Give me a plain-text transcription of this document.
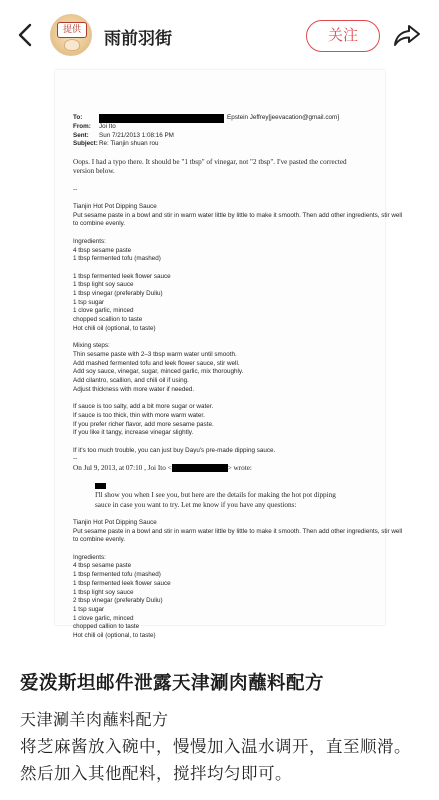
提供	雨前羽街	关注
To:	Epstein Jeffrey[jeevacation@gmail.com]
From:	Joi Ito
Sent:	Sun 7/21/2013 1:08:16 PM
Subject: Re: Tianjin shuan rou
Oops. I had a typo there. It should be "1 tbsp" of vinegar, not "2 tbsp". I've pasted the corrected
version below.
--
Tianjin Hot Pot Dipping Sauce
Put sesame paste in a bowl and stir in warm water little by little to make it smooth. Then add other ingredients, stir well
to combine evenly.
Ingredients:
4 tbsp sesame paste
1 tbsp fermented tofu (mashed)
1 tbsp fermented leek flower sauce
1 tbsp light soy sauce
1 tbsp vinegar (preferably Duliu)
1 tsp sugar
1 clove garlic, minced
chopped scallion to taste
Hot chili oil (optional, to taste)
Mixing steps:
Thin sesame paste with 2–3 tbsp warm water until smooth.
Add mashed fermented tofu and leek flower sauce, stir well.
Add soy sauce, vinegar, sugar, minced garlic, mix thoroughly.
Add cilantro, scallion, and chili oil if using.
Adjust thickness with more water if needed.
If sauce is too salty, add a bit more sugar or water.
If sauce is too thick, thin with more warm water.
If you prefer richer flavor, add more sesame paste.
If you like it tangy, increase vinegar slightly.
If it's too much trouble, you can just buy Dayu's pre-made dipping sauce.
--
On Jul 9, 2013, at 07:10 , Joi Ito <	> wrote:
I'll show you when I see you, but here are the details for making the hot pot dipping
sauce in case you want to try. Let me know if you have any questions:
Tianjin Hot Pot Dipping Sauce
Put sesame paste in a bowl and stir in warm water little by little to make it smooth. Then add other ingredients, stir well
to combine evenly.
Ingredients:
4 tbsp sesame paste
1 tbsp fermented tofu (mashed)
1 tbsp fermented leek flower sauce
1 tbsp light soy sauce
2 tbsp vinegar (preferably Duliu)
1 tsp sugar
1 clove garlic, minced
chopped callion to taste
Hot chili oil (optional, to taste)
爱泼斯坦邮件泄露天津涮肉蘸料配方
天津涮羊肉蘸料配方
将芝麻酱放入碗中，慢慢加入温水调开，直至顺滑。然后加入其他配料，搅拌均匀即可。
